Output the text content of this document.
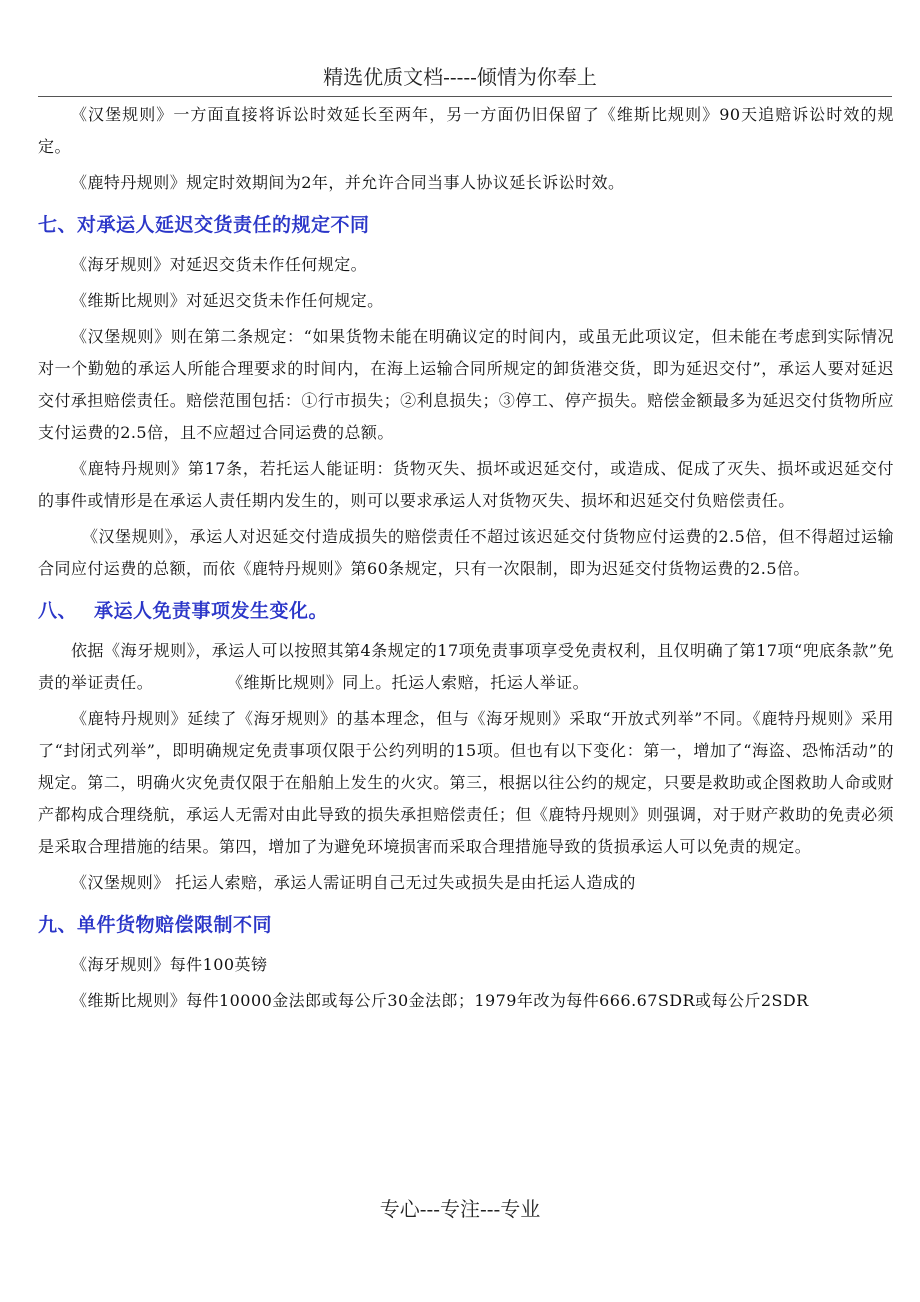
精选优质文档-----倾情为你奉上

《汉堡规则》一方面直接将诉讼时效延长至两年，另一方面仍旧保留了《维斯比规则》90天追赔诉讼时效的规定。

《鹿特丹规则》规定时效期间为2年，并允许合同当事人协议延长诉讼时效。

七、对承运人延迟交货责任的规定不同

《海牙规则》对延迟交货未作任何规定。

《维斯比规则》对延迟交货未作任何规定。

《汉堡规则》则在第二条规定：“如果货物未能在明确议定的时间内，或虽无此项议定，但未能在考虑到实际情况对一个勤勉的承运人所能合理要求的时间内，在海上运输合同所规定的卸货港交货，即为延迟交付”，承运人要对延迟交付承担赔偿责任。赔偿范围包括：①行市损失；②利息损失；③停工、停产损失。赔偿金额最多为延迟交付货物所应支付运费的2.5倍，且不应超过合同运费的总额。

《鹿特丹规则》第17条，若托运人能证明：货物灭失、损坏或迟延交付，或造成、促成了灭失、损坏或迟延交付的事件或情形是在承运人责任期内发生的，则可以要求承运人对货物灭失、损坏和迟延交付负赔偿责任。

《汉堡规则》，承运人对迟延交付造成损失的赔偿责任不超过该迟延交付货物应付运费的2.5倍，但不得超过运输合同应付运费的总额，而依《鹿特丹规则》第60条规定，只有一次限制，即为迟延交付货物运费的2.5倍。

八、 承运人免责事项发生变化。

依据《海牙规则》，承运人可以按照其第4条规定的17项免责事项享受免责权利，且仅明确了第17项“兜底条款”免责的举证责任。	《维斯比规则》同上。托运人索赔，托运人举证。

《鹿特丹规则》延续了《海牙规则》的基本理念，但与《海牙规则》采取“开放式列举”不同。《鹿特丹规则》采用了“封闭式列举”，即明确规定免责事项仅限于公约列明的15项。但也有以下变化：第一，增加了“海盗、恐怖活动”的规定。第二，明确火灾免责仅限于在船舶上发生的火灾。第三，根据以往公约的规定，只要是救助或企图救助人命或财产都构成合理绕航，承运人无需对由此导致的损失承担赔偿责任；但《鹿特丹规则》则强调，对于财产救助的免责必须是采取合理措施的结果。第四，增加了为避免环境损害而采取合理措施导致的货损承运人可以免责的规定。

《汉堡规则》 托运人索赔，承运人需证明自己无过失或损失是由托运人造成的

九、单件货物赔偿限制不同

《海牙规则》每件100英镑

《维斯比规则》每件10000金法郎或每公斤30金法郎；1979年改为每件666.67SDR或每公斤2SDR

专心---专注---专业
